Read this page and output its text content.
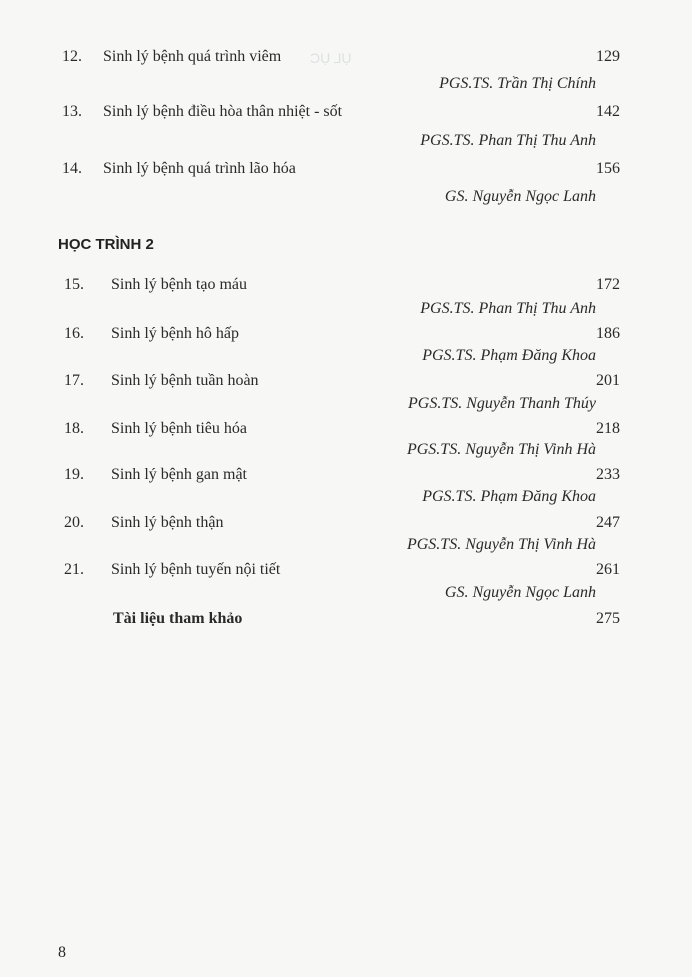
ỤL ỤC
12. Sinh lý bệnh quá trình viêm	129
PGS.TS. Trần Thị Chính
13. Sinh lý bệnh điều hòa thân nhiệt - sốt	142
PGS.TS. Phan Thị Thu Anh
14. Sinh lý bệnh quá trình lão hóa	156
GS. Nguyễn Ngọc Lanh
HỌC TRÌNH 2
15. Sinh lý bệnh tạo máu	172
PGS.TS. Phan Thị Thu Anh
16. Sinh lý bệnh hô hấp	186
PGS.TS. Phạm Đăng Khoa
17. Sinh lý bệnh tuần hoàn	201
PGS.TS. Nguyễn Thanh Thúy
18. Sinh lý bệnh tiêu hóa	218
PGS.TS. Nguyễn Thị Vinh Hà
19. Sinh lý bệnh gan mật	233
PGS.TS. Phạm Đăng Khoa
20. Sinh lý bệnh thận	247
PGS.TS. Nguyễn Thị Vinh Hà
21. Sinh lý bệnh tuyến nội tiết	261
GS. Nguyễn Ngọc Lanh
Tài liệu tham khảo	275
8
